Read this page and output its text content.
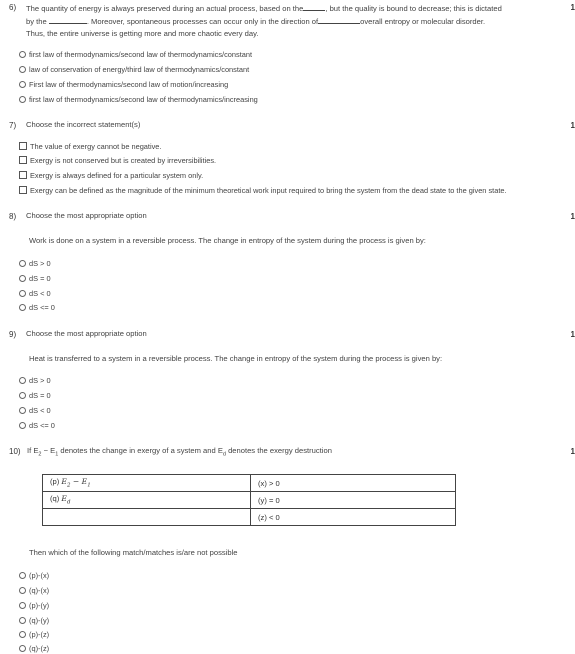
6)	1
The quantity of energy is always preserved during an actual process, based on the	, but the quality is bound to decrease; this is dictated
by the	. Moreover, spontaneous processes can occur only in the direction of	overall entropy or molecular disorder.
Thus, the entire universe is getting more and more chaotic every day.
first law of thermodynamics/second law of thermodynamics/constant
law of conservation of energy/third law of thermodynamics/constant
First law of thermodynamics/second law of motion/increasing
first law of thermodynamics/second law of thermodynamics/increasing
7) Choose the incorrect statement(s)	1
The value of exergy cannot be negative.
Exergy is not conserved but is created by irreversibilities.
Exergy is always defined for a particular system only.
Exergy can be defined as the magnitude of the minimum theoretical work input required to bring the system from the dead state to the given state.
8) Choose the most appropriate option	1
Work is done on a system in a reversible process. The change in entropy of the system during the process is given by:
dS > 0
dS = 0
dS < 0
dS <= 0
9) Choose the most appropriate option	1
Heat is transferred to a system in a reversible process. The change in entropy of the system during the process is given by:
dS > 0
dS = 0
dS < 0
dS <= 0
10) If $E_2 - E_1$ denotes the change in exergy of a system and $E_d$ denotes the exergy destruction	1
(p) $E_2 - E_1$	(x) > 0
(q) $E_d$	(y) = 0
	(z) < 0
Then which of the following match/matches is/are not possible
(p)-(x)
(q)-(x)
(p)-(y)
(q)-(y)
(p)-(z)
(q)-(z)
